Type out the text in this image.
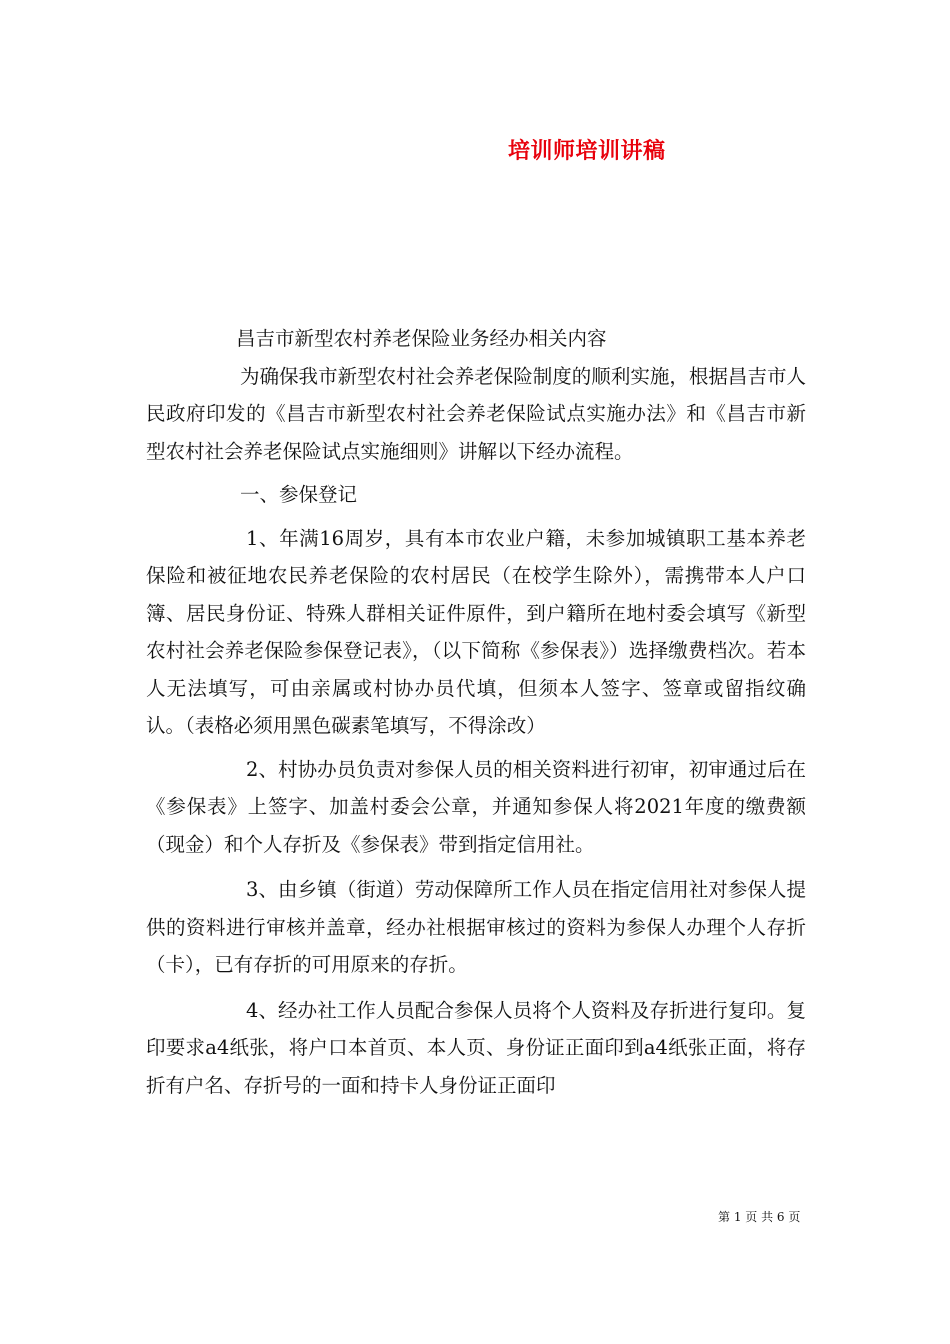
培训师培训讲稿

昌吉市新型农村养老保险业务经办相关内容

为确保我市新型农村社会养老保险制度的顺利实施，根据昌吉市人民政府印发的《昌吉市新型农村社会养老保险试点实施办法》和《昌吉市新型农村社会养老保险试点实施细则》讲解以下经办流程。

一、参保登记

1、年满16周岁，具有本市农业户籍，未参加城镇职工基本养老保险和被征地农民养老保险的农村居民（在校学生除外），需携带本人户口簿、居民身份证、特殊人群相关证件原件，到户籍所在地村委会填写《新型农村社会养老保险参保登记表》，（以下简称《参保表》）选择缴费档次。若本人无法填写，可由亲属或村协办员代填，但须本人签字、签章或留指纹确认。（表格必须用黑色碳素笔填写，不得涂改）

2、村协办员负责对参保人员的相关资料进行初审，初审通过后在《参保表》上签字、加盖村委会公章，并通知参保人将2021年度的缴费额（现金）和个人存折及《参保表》带到指定信用社。

3、由乡镇（街道）劳动保障所工作人员在指定信用社对参保人提供的资料进行审核并盖章，经办社根据审核过的资料为参保人办理个人存折（卡），已有存折的可用原来的存折。

4、经办社工作人员配合参保人员将个人资料及存折进行复印。复印要求a4纸张，将户口本首页、本人页、身份证正面印到a4纸张正面，将存折有户名、存折号的一面和持卡人身份证正面印

第 1 页 共 6 页
